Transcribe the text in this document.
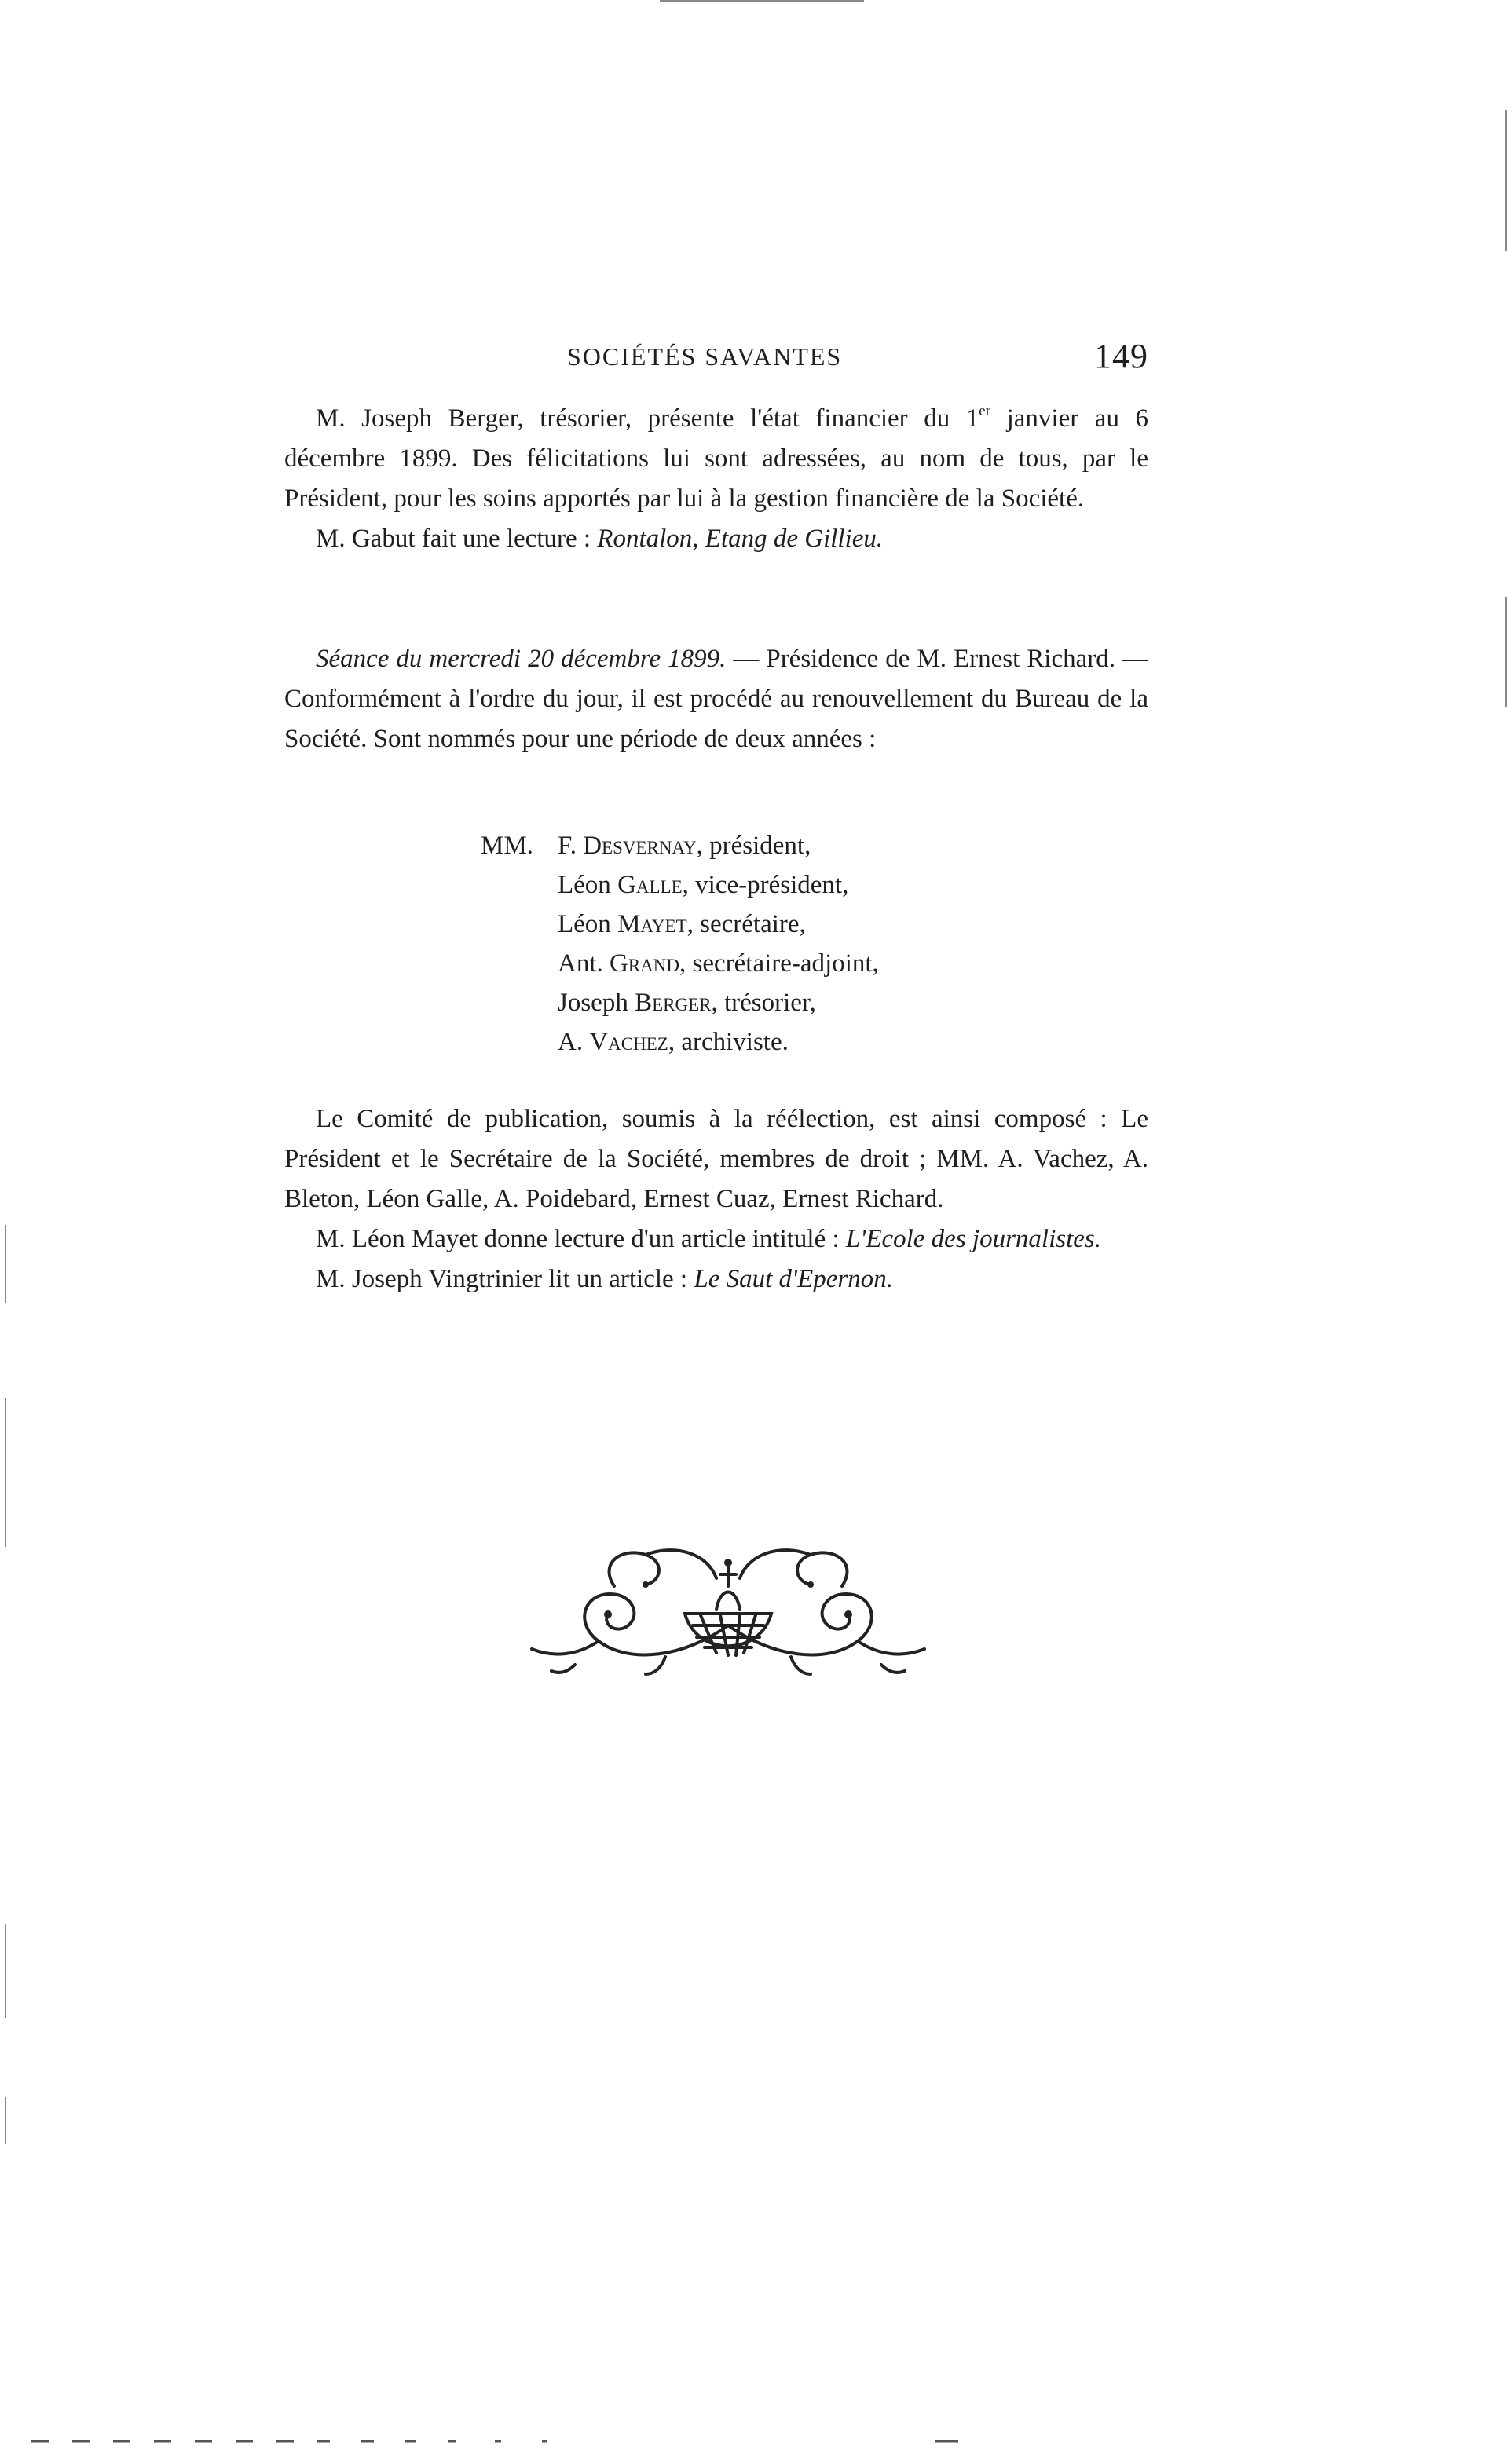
SOCIÉTÉS SAVANTES	149

M. Joseph Berger, trésorier, présente l'état financier du 1er janvier au 6 décembre 1899. Des félicitations lui sont adressées, au nom de tous, par le Président, pour les soins apportés par lui à la gestion financière de la Société.

M. Gabut fait une lecture : Rontalon, Etang de Gillieu.

Séance du mercredi 20 décembre 1899. — Présidence de M. Ernest Richard. — Conformément à l'ordre du jour, il est procédé au renouvellement du Bureau de la Société. Sont nommés pour une période de deux années :

MM. F. Desvernay, président,
Léon Galle, vice-président,
Léon Mayet, secrétaire,
Ant. Grand, secrétaire-adjoint,
Joseph Berger, trésorier,
A. Vachez, archiviste.

Le Comité de publication, soumis à la réélection, est ainsi composé : Le Président et le Secrétaire de la Société, membres de droit ; MM. A. Vachez, A. Bleton, Léon Galle, A. Poidebard, Ernest Cuaz, Ernest Richard.

M. Léon Mayet donne lecture d'un article intitulé : L'Ecole des journalistes.

M. Joseph Vingtrinier lit un article : Le Saut d'Epernon.
